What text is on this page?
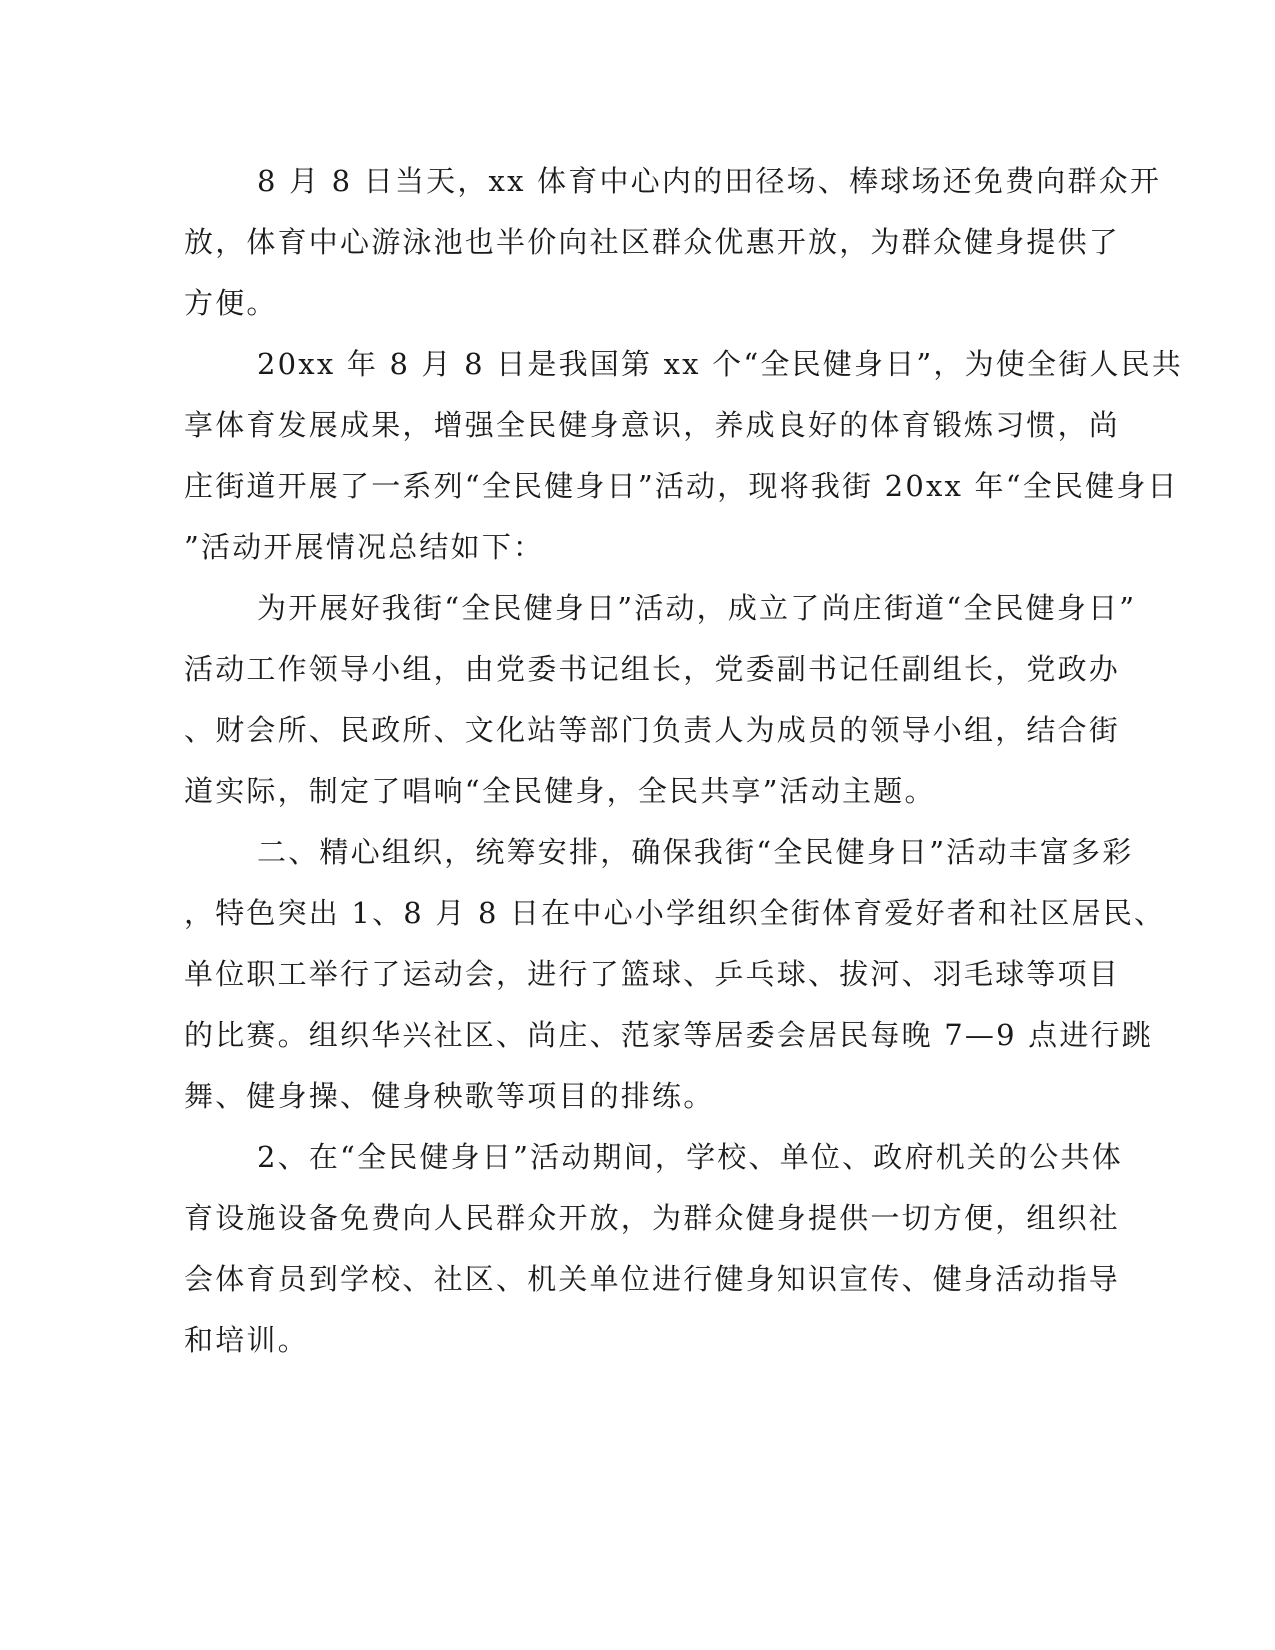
8 月 8 日当天，xx 体育中心内的田径场、棒球场还免费向群众开
放，体育中心游泳池也半价向社区群众优惠开放，为群众健身提供了
方便。
20xx 年 8 月 8 日是我国第 xx 个“全民健身日”，为使全街人民共
享体育发展成果，增强全民健身意识，养成良好的体育锻炼习惯，尚
庄街道开展了一系列“全民健身日”活动，现将我街 20xx 年“全民健身日
”活动开展情况总结如下：
为开展好我街“全民健身日”活动，成立了尚庄街道“全民健身日”
活动工作领导小组，由党委书记组长，党委副书记任副组长，党政办
、财会所、民政所、文化站等部门负责人为成员的领导小组，结合街
道实际，制定了唱响“全民健身，全民共享”活动主题。
二、精心组织，统筹安排，确保我街“全民健身日”活动丰富多彩
，特色突出 1、8 月 8 日在中心小学组织全街体育爱好者和社区居民、
单位职工举行了运动会，进行了篮球、乒乓球、拔河、羽毛球等项目
的比赛。组织华兴社区、尚庄、范家等居委会居民每晚 7—9 点进行跳
舞、健身操、健身秧歌等项目的排练。
2、在“全民健身日”活动期间，学校、单位、政府机关的公共体
育设施设备免费向人民群众开放，为群众健身提供一切方便，组织社
会体育员到学校、社区、机关单位进行健身知识宣传、健身活动指导
和培训。
